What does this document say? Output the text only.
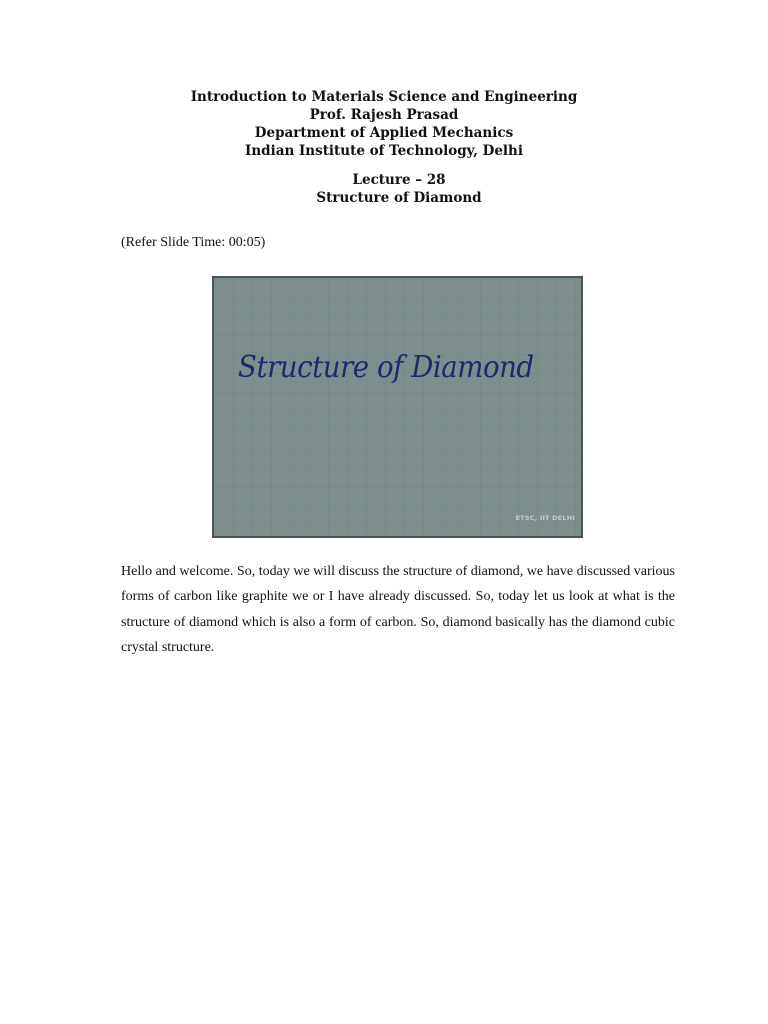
Introduction to Materials Science and Engineering
Prof. Rajesh Prasad
Department of Applied Mechanics
Indian Institute of Technology, Delhi
Lecture – 28
Structure of Diamond
(Refer Slide Time: 00:05)
Structure of Diamond
ETSC, IIT DELHI
Hello and welcome. So, today we will discuss the structure of diamond, we have discussed various forms of carbon like graphite we or I have already discussed. So, today let us look at what is the structure of diamond which is also a form of carbon. So, diamond basically has the diamond cubic crystal structure.
